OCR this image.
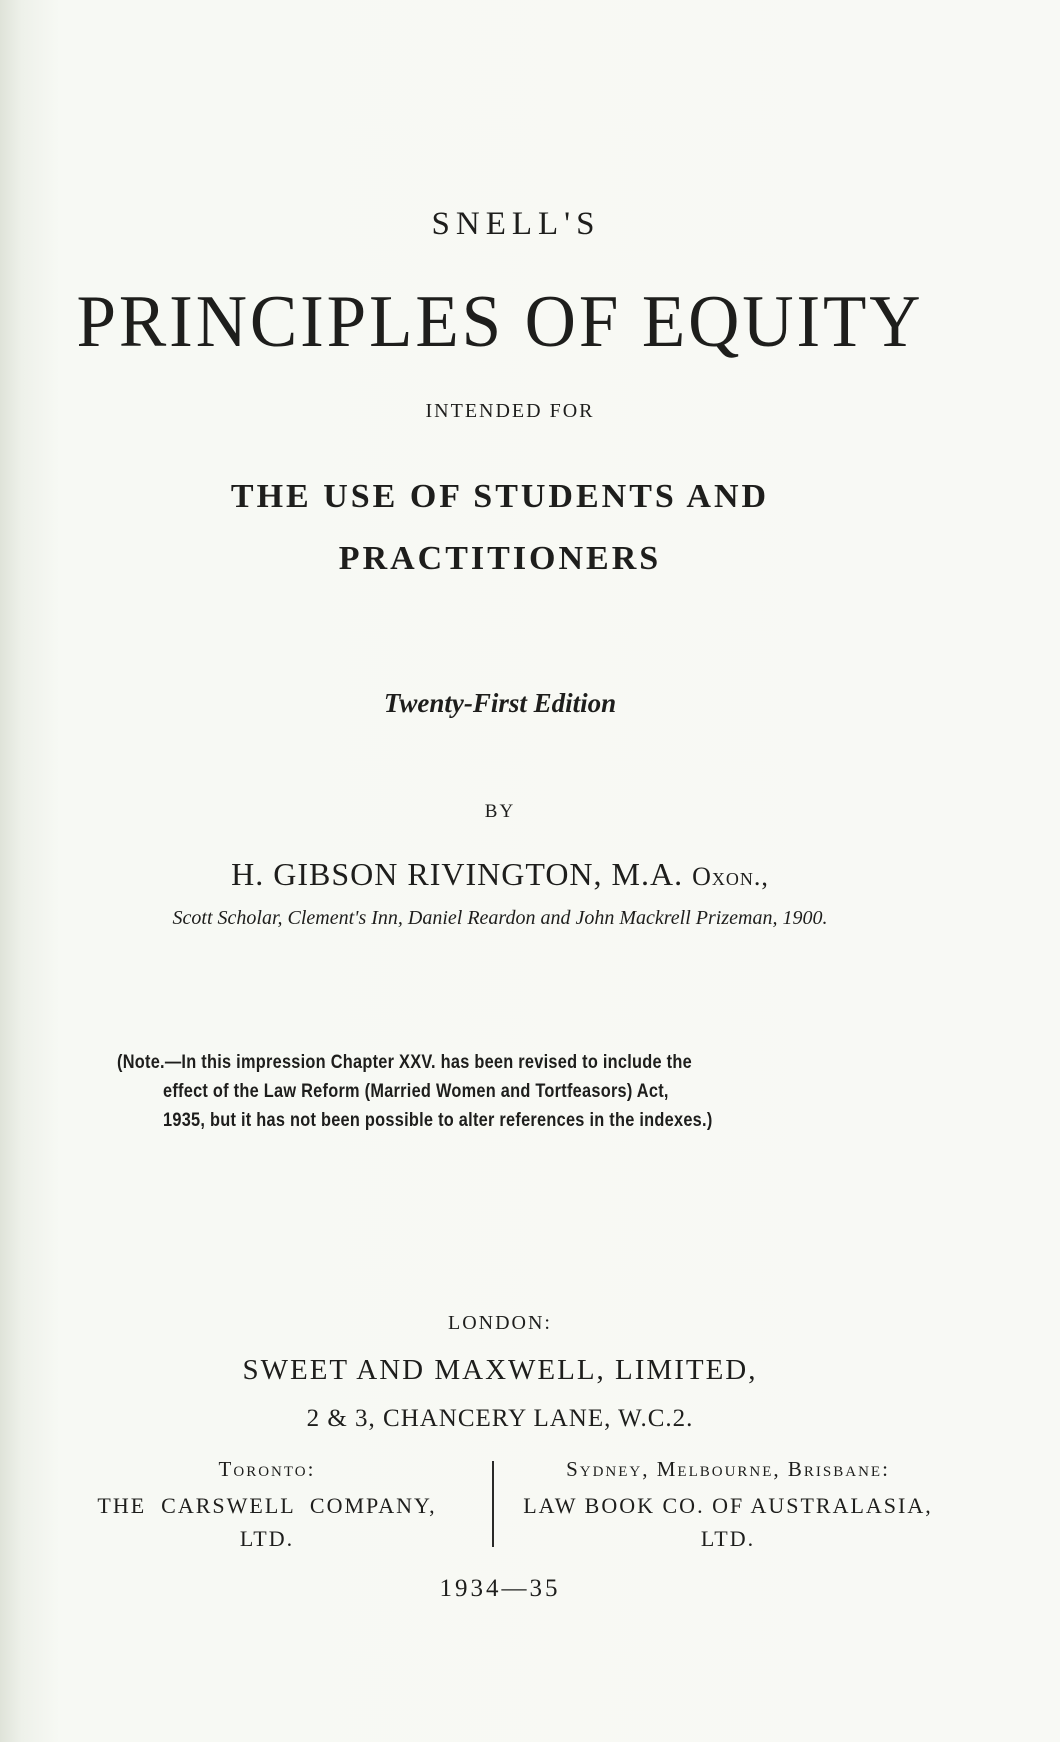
SNELL'S
PRINCIPLES OF EQUITY
INTENDED FOR
THE USE OF STUDENTS AND
PRACTITIONERS
Twenty-First Edition
BY
H. GIBSON RIVINGTON, M.A. Oxon.,
Scott Scholar, Clement's Inn, Daniel Reardon and John Mackrell Prizeman, 1900.
(Note.—In this impression Chapter XXV. has been revised to include the
effect of the Law Reform (Married Women and Tortfeasors) Act,
1935, but it has not been possible to alter references in the indexes.)
LONDON:
SWEET AND MAXWELL, LIMITED,
2 & 3, CHANCERY LANE, W.C.2.
Toronto:
THE  CARSWELL  COMPANY,
LTD.
Sydney, Melbourne, Brisbane:
LAW BOOK CO. OF AUSTRALASIA,
LTD.
1934—35
